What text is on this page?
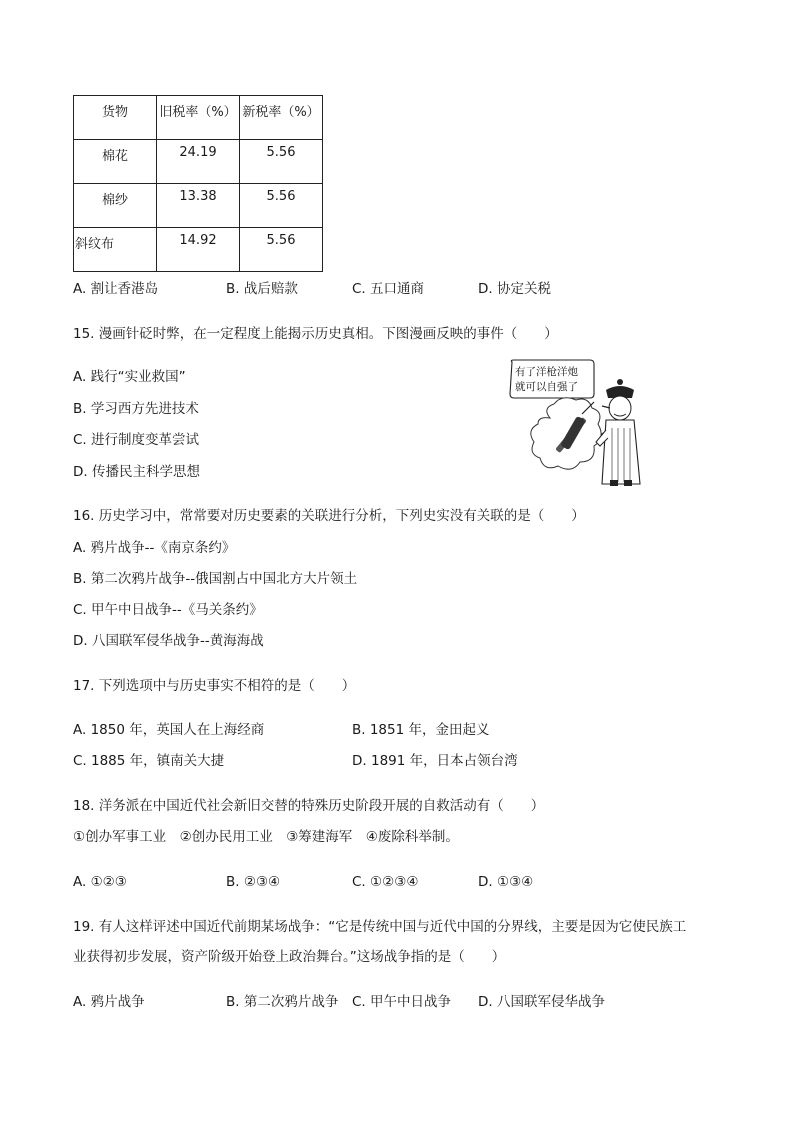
货物	旧税率（%）	新税率（%）

棉花	24.19	5.56

棉纱	13.38	5.56

斜纹布	14.92	5.56
A. 割让香港岛	B. 战后赔款	C. 五口通商	D. 协定关税
15. 漫画针砭时弊，在一定程度上能揭示历史真相。下图漫画反映的事件（　　）
A. 践行“实业救国”
B. 学习西方先进技术
C. 进行制度变革尝试
D. 传播民主科学思想
有了洋枪洋炮
就可以自强了
16. 历史学习中，常常要对历史要素的关联进行分析，下列史实没有关联的是（　　）
A. 鸦片战争--《南京条约》
B. 第二次鸦片战争--俄国割占中国北方大片领土
C. 甲午中日战争--《马关条约》
D. 八国联军侵华战争--黄海海战
17. 下列选项中与历史事实不相符的是（　　）
A. 1850 年，英国人在上海经商	B. 1851 年，金田起义
C. 1885 年，镇南关大捷	D. 1891 年，日本占领台湾
18. 洋务派在中国近代社会新旧交替的特殊历史阶段开展的自救活动有（　　）
①创办军事工业　②创办民用工业　③筹建海军　④废除科举制。
A. ①②③	B. ②③④	C. ①②③④	D. ①③④
19. 有人这样评述中国近代前期某场战争：“它是传统中国与近代中国的分界线，主要是因为它使民族工
业获得初步发展，资产阶级开始登上政治舞台。”这场战争指的是（　　）
A. 鸦片战争	B. 第二次鸦片战争 C. 甲午中日战争 D. 八国联军侵华战争
